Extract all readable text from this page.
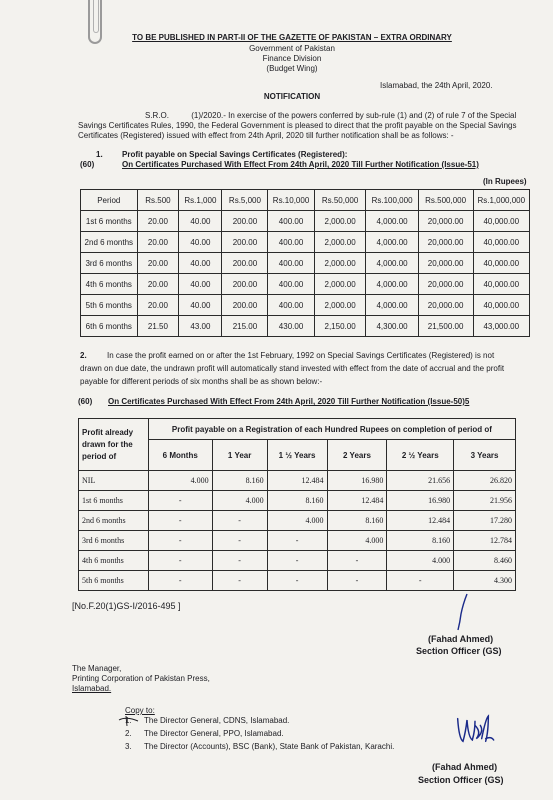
TO BE PUBLISHED IN PART-II OF THE GAZETTE OF PAKISTAN – EXTRA ORDINARY
Government of Pakistan
Finance Division
(Budget Wing)
Islamabad, the 24th April, 2020.
NOTIFICATION
S.R.O.          (1)/2020.- In exercise of the powers conferred by sub-rule (1) and (2) of rule 7 of the Special
Savings Certificates Rules, 1990, the Federal Government is pleased to direct that the profit payable on the Special Savings
Certificates (Registered) issued with effect from 24th April, 2020 till further notification shall be as follows: -
1. Profit payable on Special Savings Certificates (Registered):
(60)	On Certificates Purchased With Effect From 24th April, 2020 Till Further Notification (Issue-51)
(In Rupees)
Period	Rs.500	Rs.1,000	Rs.5,000	Rs.10,000	Rs.50,000	Rs.100,000	Rs.500,000	Rs.1,000,000
1st 6 months	20.00	40.00	200.00	400.00	2,000.00	4,000.00	20,000.00	40,000.00
2nd 6 months	20.00	40.00	200.00	400.00	2,000.00	4,000.00	20,000.00	40,000.00
3rd 6 months	20.00	40.00	200.00	400.00	2,000.00	4,000.00	20,000.00	40,000.00
4th 6 months	20.00	40.00	200.00	400.00	2,000.00	4,000.00	20,000.00	40,000.00
5th 6 months	20.00	40.00	200.00	400.00	2,000.00	4,000.00	20,000.00	40,000.00
6th 6 months	21.50	43.00	215.00	430.00	2,150.00	4,300.00	21,500.00	43,000.00
2.	In case the profit earned on or after the 1st February, 1992 on Special Savings Certificates (Registered) is not
drawn on due date, the undrawn profit will automatically stand invested with effect from the date of accrual and the profit
payable for different periods of six months shall be as shown below:-
(60) On Certificates Purchased With Effect From 24th April, 2020 Till Further Notification (Issue-50)5
Profit already
drawn for the
period of	Profit payable on a Registration of each Hundred Rupees on completion of period of					
	6 Months	1 Year	1 ½ Years	2 Years	2 ½ Years	3 Years
NIL	4.000	8.160	12.484	16.980	21.656	26.820
1st 6 months	-	4.000	8.160	12.484	16.980	21.956
2nd 6 months	-	-	4.000	8.160	12.484	17.280
3rd 6 months	-	-	-	4.000	8.160	12.784
4th 6 months	-	-	-	-	4.000	8.460
5th 6 months	-	-	-	-	-	4.300
[No.F.20(1)GS-I/2016-495 ]
(Fahad Ahmed)
Section Officer (GS)
The Manager,
Printing Corporation of Pakistan Press,
Islamabad.
Copy to:
1. The Director General, CDNS, Islamabad.
2. The Director General, PPO, Islamabad.
3. The Director (Accounts), BSC (Bank), State Bank of Pakistan, Karachi.
(Fahad Ahmed)
Section Officer (GS)
